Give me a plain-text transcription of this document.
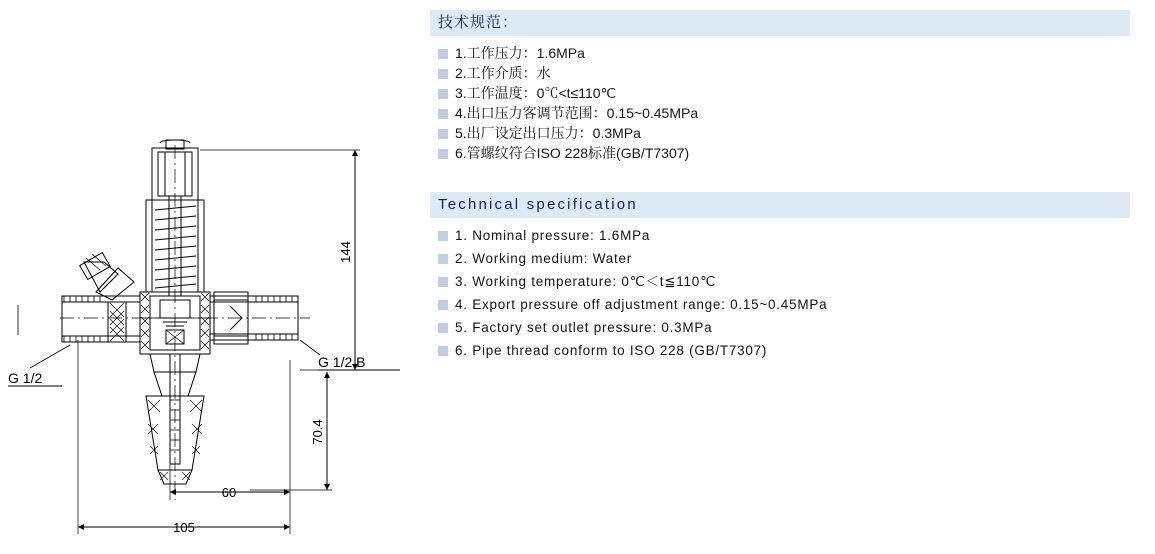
60
105
144
70.4
G 1/2
G 1/2 B
技术规范：
1.工作压力：1.6MPa
2.工作介质：水
3.工作温度：0℃<t≤110℃
4.出口压力客调节范围：0.15~0.45MPa
5.出厂设定出口压力：0.3MPa
6.管螺纹符合ISO 228标准(GB/T7307)
Technical specification
1. Nominal pressure: 1.6MPa
2. Working medium: Water
3. Working temperature: 0℃＜t≦110℃
4. Export pressure off adjustment range: 0.15~0.45MPa
5. Factory set outlet pressure: 0.3MPa
6. Pipe thread conform to ISO 228 (GB/T7307)
